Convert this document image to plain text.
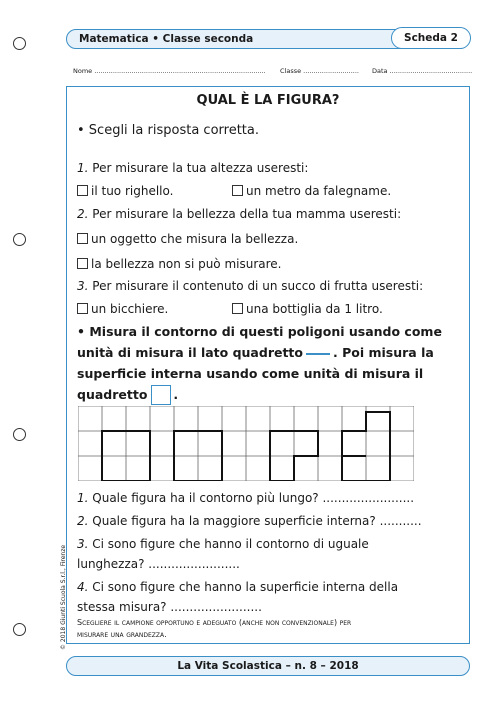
Matematica • Classe seconda	Scheda 2
Nome ................................................................................... Classe ........................... Data ........................................
QUAL È LA FIGURA?
• Scegli la risposta corretta.
1. Per misurare la tua altezza useresti:
il tuo righello.	un metro da falegname.
2. Per misurare la bellezza della tua mamma useresti:
un oggetto che misura la bellezza.
la bellezza non si può misurare.
3. Per misurare il contenuto di un succo di frutta useresti:
un bicchiere.	una bottiglia da 1 litro.
• Misura il contorno di questi poligoni usando come unità di misura il lato quadretto . Poi misura la superficie interna usando come unità di misura il quadretto .
1. Quale figura ha il contorno più lungo? ........................
2. Quale figura ha la maggiore superficie interna? ...........
3. Ci sono figure che hanno il contorno di uguale
lunghezza? ........................
4. Ci sono figure che hanno la superficie interna della
stessa misura? ........................
Scegliere il campione opportuno e adeguato (anche non convenzionale) per
misurare una grandezza.
© 2018 Giunti Scuola S.r.l., Firenze
La Vita Scolastica – n. 8 – 2018
